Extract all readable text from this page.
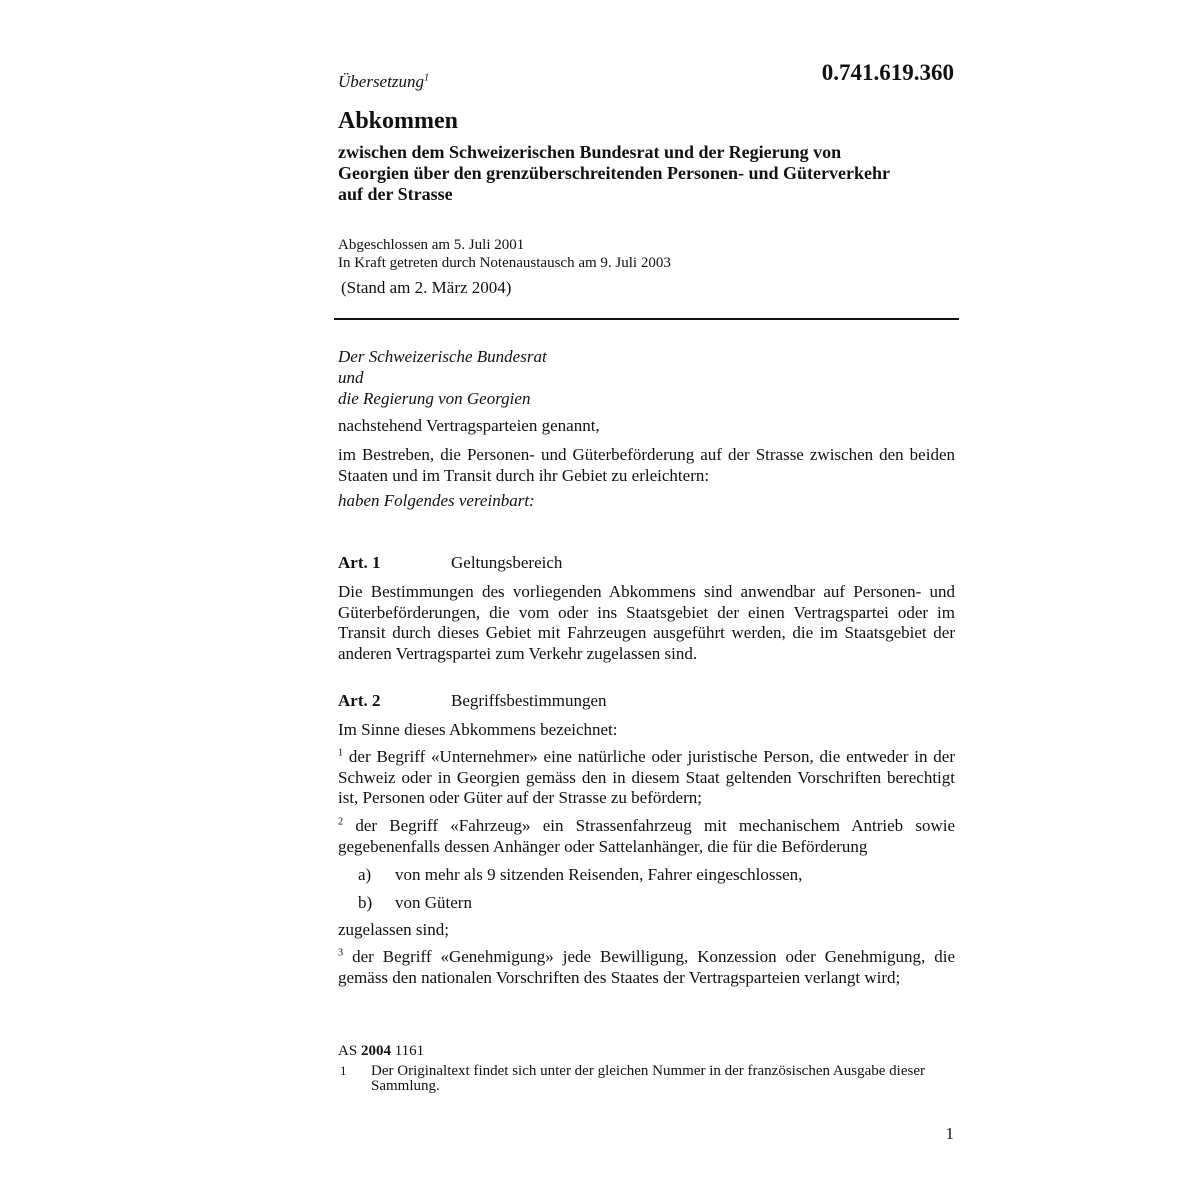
Übersetzung$^1$	0.741.619.360
Abkommen
zwischen dem Schweizerischen Bundesrat und der Regierung von Georgien über den grenzüberschreitenden Personen- und Güterverkehr auf der Strasse
Abgeschlossen am 5. Juli 2001
In Kraft getreten durch Notenaustausch am 9. Juli 2003
(Stand am 2. März 2004)
Der Schweizerische Bundesrat
und
die Regierung von Georgien
nachstehend Vertragsparteien genannt,
im Bestreben, die Personen- und Güterbeförderung auf der Strasse zwischen den beiden Staaten und im Transit durch ihr Gebiet zu erleichtern:
haben Folgendes vereinbart:
Art. 1	Geltungsbereich
Die Bestimmungen des vorliegenden Abkommens sind anwendbar auf Personen- und Güterbeförderungen, die vom oder ins Staatsgebiet der einen Vertragspartei oder im Transit durch dieses Gebiet mit Fahrzeugen ausgeführt werden, die im Staatsgebiet der anderen Vertragspartei zum Verkehr zugelassen sind.
Art. 2	Begriffsbestimmungen
Im Sinne dieses Abkommens bezeichnet:
$^1$ der Begriff «Unternehmer» eine natürliche oder juristische Person, die entweder in der Schweiz oder in Georgien gemäss den in diesem Staat geltenden Vorschriften berechtigt ist, Personen oder Güter auf der Strasse zu befördern;
$^2$ der Begriff «Fahrzeug» ein Strassenfahrzeug mit mechanischem Antrieb sowie gegebenenfalls dessen Anhänger oder Sattelanhänger, die für die Beförderung
a) von mehr als 9 sitzenden Reisenden, Fahrer eingeschlossen,
b) von Gütern
zugelassen sind;
$^3$ der Begriff «Genehmigung» jede Bewilligung, Konzession oder Genehmigung, die gemäss den nationalen Vorschriften des Staates der Vertragsparteien verlangt wird;
AS 2004 1161
1 Der Originaltext findet sich unter der gleichen Nummer in der französischen Ausgabe dieser Sammlung.
1
